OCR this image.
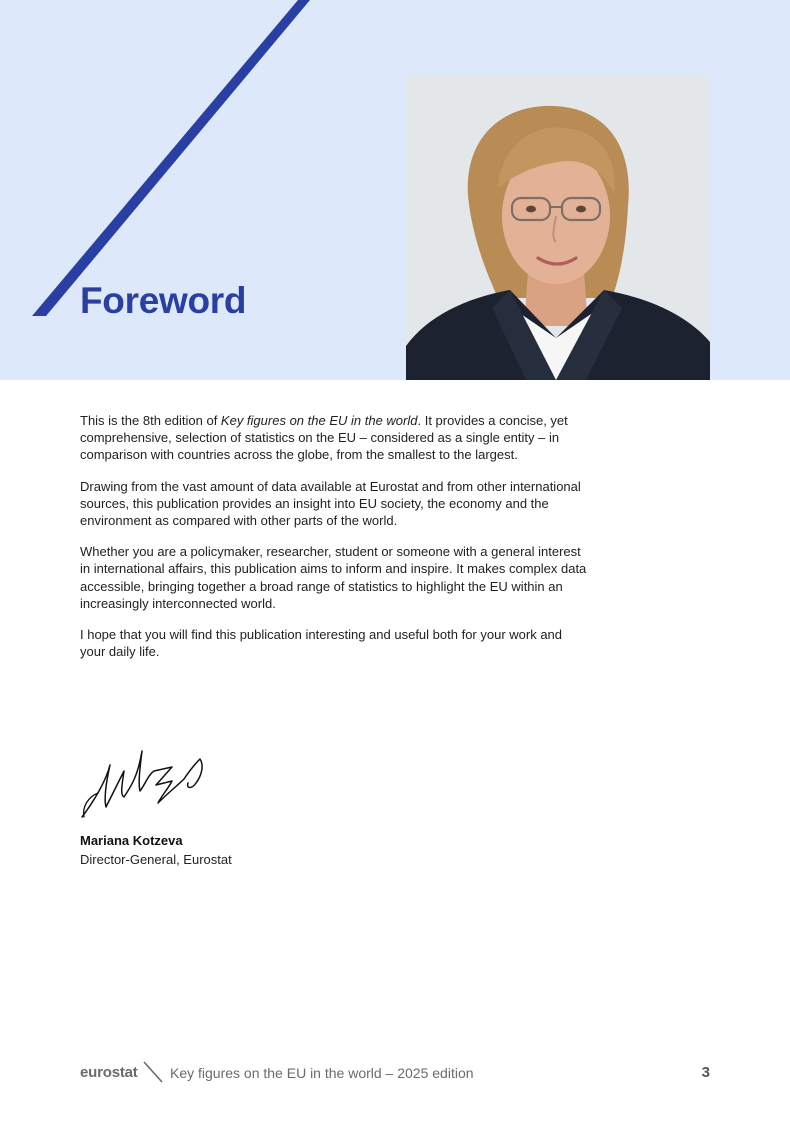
Foreword

This is the 8th edition of Key figures on the EU in the world. It provides a concise, yet comprehensive, selection of statistics on the EU – considered as a single entity – in comparison with countries across the globe, from the smallest to the largest.

Drawing from the vast amount of data available at Eurostat and from other international sources, this publication provides an insight into EU society, the economy and the environment as compared with other parts of the world.

Whether you are a policymaker, researcher, student or someone with a general interest in international affairs, this publication aims to inform and inspire. It makes complex data accessible, bringing together a broad range of statistics to highlight the EU within an increasingly interconnected world.

I hope that you will find this publication interesting and useful both for your work and your daily life.

Mariana Kotzeva
Director-General, Eurostat
eurostat Key figures on the EU in the world – 2025 edition	3
